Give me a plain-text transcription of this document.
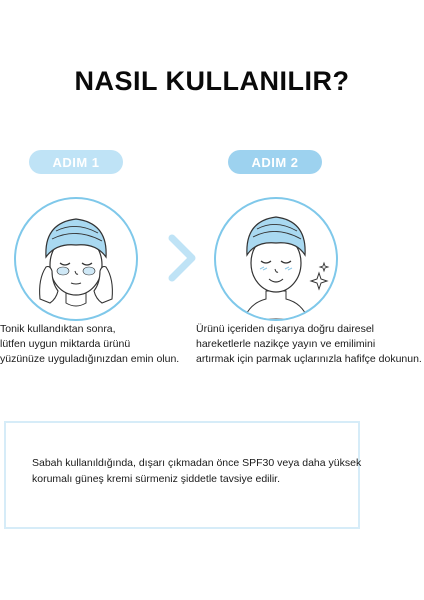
NASIL KULLANILIR?
ADIM 1	ADIM 2
Tonik kullandıktan sonra,
lütfen uygun miktarda ürünü
yüzünüze uyguladığınızdan emin olun.
Ürünü içeriden dışarıya doğru dairesel
hareketlerle nazikçe yayın ve emilimini
artırmak için parmak uçlarınızla hafifçe dokunun.
Sabah kullanıldığında, dışarı çıkmadan önce SPF30 veya daha yüksek
korumalı güneş kremi sürmeniz şiddetle tavsiye edilir.
